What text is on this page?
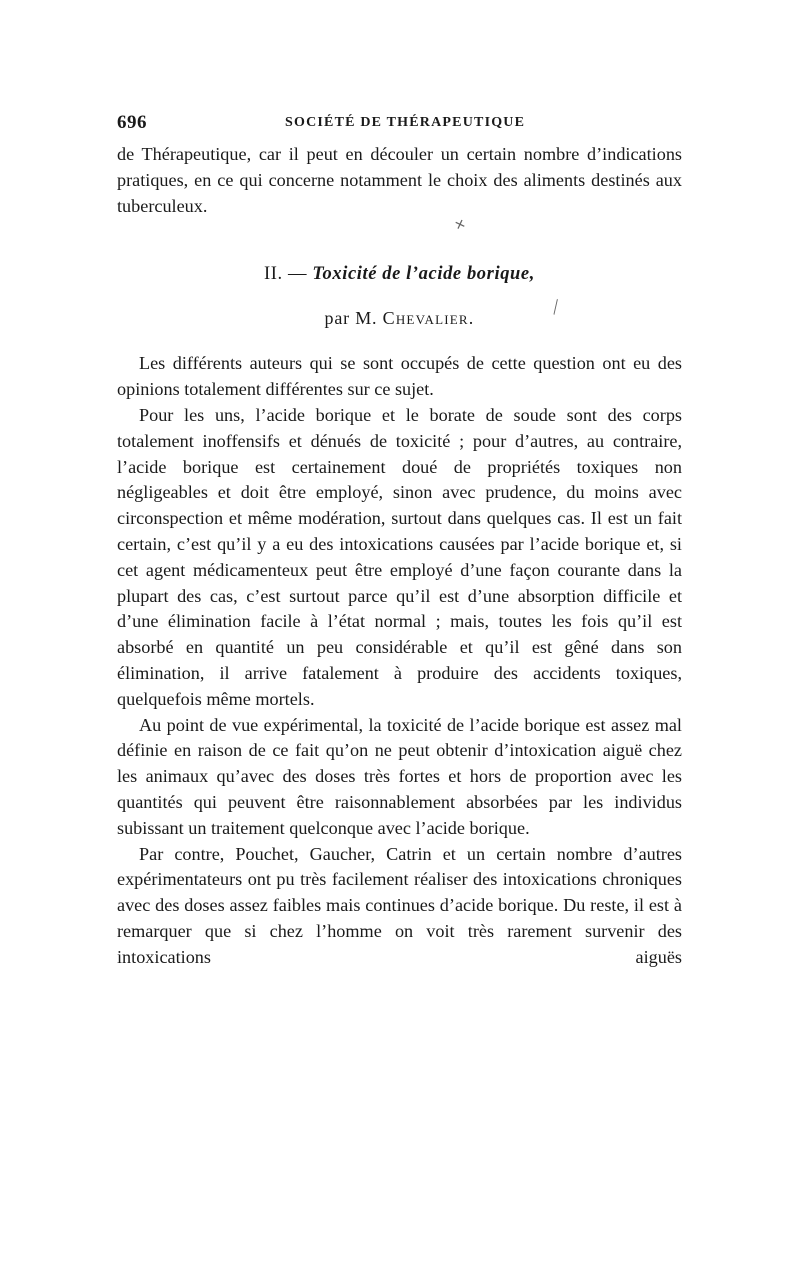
696	SOCIÉTÉ DE THÉRAPEUTIQUE

de Thérapeutique, car il peut en découler un certain nombre d’indications pratiques, en ce qui concerne notamment le choix des aliments destinés aux tuberculeux.

II. — Toxicité de l’acide borique,
par M. Chevalier.

Les différents auteurs qui se sont occupés de cette question ont eu des opinions totalement différentes sur ce sujet.

Pour les uns, l’acide borique et le borate de soude sont des corps totalement inoffensifs et dénués de toxicité ; pour d’autres, au contraire, l’acide borique est certainement doué de propriétés toxiques non négligeables et doit être employé, sinon avec prudence, du moins avec circonspection et même modération, surtout dans quelques cas. Il est un fait certain, c’est qu’il y a eu des intoxications causées par l’acide borique et, si cet agent médicamenteux peut être employé d’une façon courante dans la plupart des cas, c’est surtout parce qu’il est d’une absorption difficile et d’une élimination facile à l’état normal ; mais, toutes les fois qu’il est absorbé en quantité un peu considérable et qu’il est gêné dans son élimination, il arrive fatalement à produire des accidents toxiques, quelquefois même mortels.

Au point de vue expérimental, la toxicité de l’acide borique est assez mal définie en raison de ce fait qu’on ne peut obtenir d’intoxication aiguë chez les animaux qu’avec des doses très fortes et hors de proportion avec les quantités qui peuvent être raisonnablement absorbées par les individus subissant un traitement quelconque avec l’acide borique.

Par contre, Pouchet, Gaucher, Catrin et un certain nombre d’autres expérimentateurs ont pu très facilement réaliser des intoxications chroniques avec des doses assez faibles mais continues d’acide borique. Du reste, il est à remarquer que si chez l’homme on voit très rarement survenir des intoxications aiguës

✕
╲
